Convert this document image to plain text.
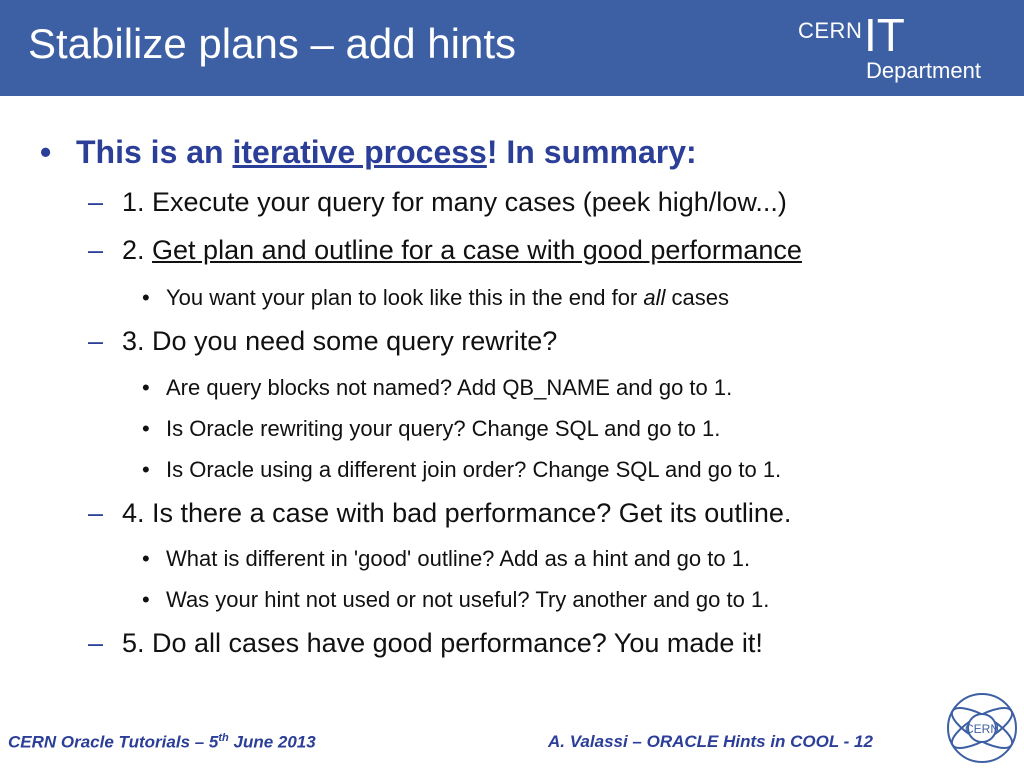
Stabilize plans – add hints	CERN IT
Department
• This is an iterative process! In summary:
– 1. Execute your query for many cases (peek high/low...)
– 2. Get plan and outline for a case with good performance
• You want your plan to look like this in the end for all cases
– 3. Do you need some query rewrite?
• Are query blocks not named? Add QB_NAME and go to 1.
• Is Oracle rewriting your query? Change SQL and go to 1.
• Is Oracle using a different join order? Change SQL and go to 1.
– 4. Is there a case with bad performance? Get its outline.
• What is different in 'good' outline? Add as a hint and go to 1.
• Was your hint not used or not useful? Try another and go to 1.
– 5. Do all cases have good performance? You made it!
CERN Oracle Tutorials – 5th June 2013	A. Valassi – ORACLE Hints in COOL - 12
CERN
